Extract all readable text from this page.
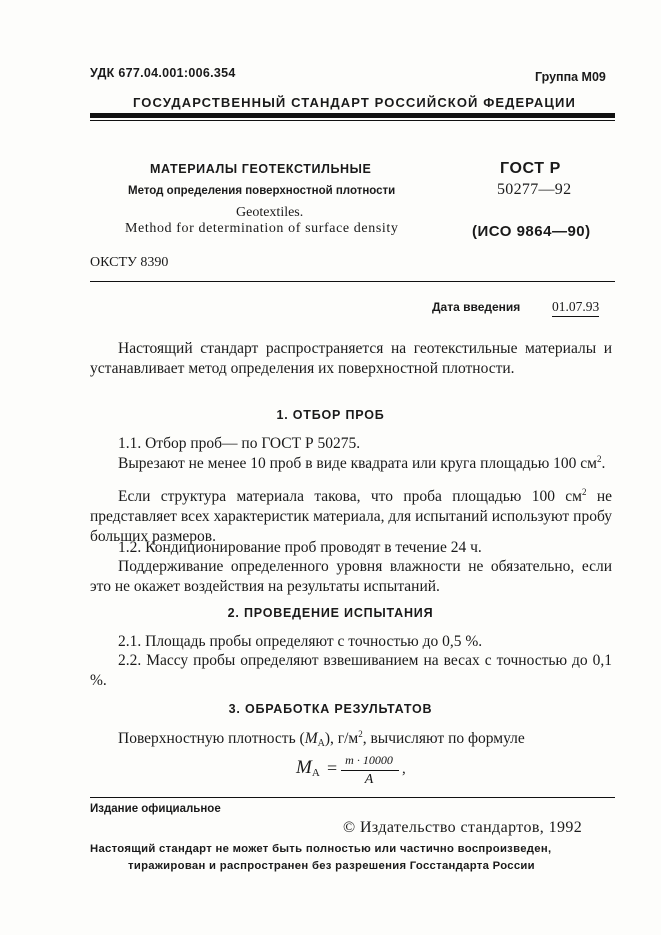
УДК 677.04.001:006.354	Группа М09
ГОСУДАРСТВЕННЫЙ СТАНДАРТ РОССИЙСКОЙ ФЕДЕРАЦИИ
МАТЕРИАЛЫ ГЕОТЕКСТИЛЬНЫЕ
Метод определения поверхностной плотности
Geotextiles.
Method for determination of surface density
ГОСТ Р
50277—92
(ИСО 9864—90)
ОКСТУ 8390
Дата введения 01.07.93
Настоящий стандарт распространяется на геотекстильные материалы и устанавливает метод определения их поверхностной плотности.
1. ОТБОР ПРОБ
1.1. Отбор проб— по ГОСТ Р 50275.
Вырезают не менее 10 проб в виде квадрата или круга площадью 100 $см^2$.
Если структура материала такова, что проба площадью 100 $см^2$ не представляет всех характеристик материала, для испытаний используют пробу больших размеров.
1.2. Кондиционирование проб проводят в течение 24 ч.
Поддерживание определенного уровня влажности не обязательно, если это не окажет воздействия на результаты испытаний.
2. ПРОВЕДЕНИЕ ИСПЫТАНИЯ
2.1. Площадь пробы определяют с точностью до 0,5 %.
2.2. Массу пробы определяют взвешиванием на весах с точностью до 0,1 %.
3. ОБРАБОТКА РЕЗУЛЬТАТОВ
Поверхностную плотность $(M_A)$, $г/м^2$, вычисляют по формуле
$M_A = m \cdot 10000$
A
,
Издание официальное
© Издательство стандартов, 1992
Настоящий стандарт не может быть полностью или частично воспроизведен,
тиражирован и распространен без разрешения Госстандарта России
